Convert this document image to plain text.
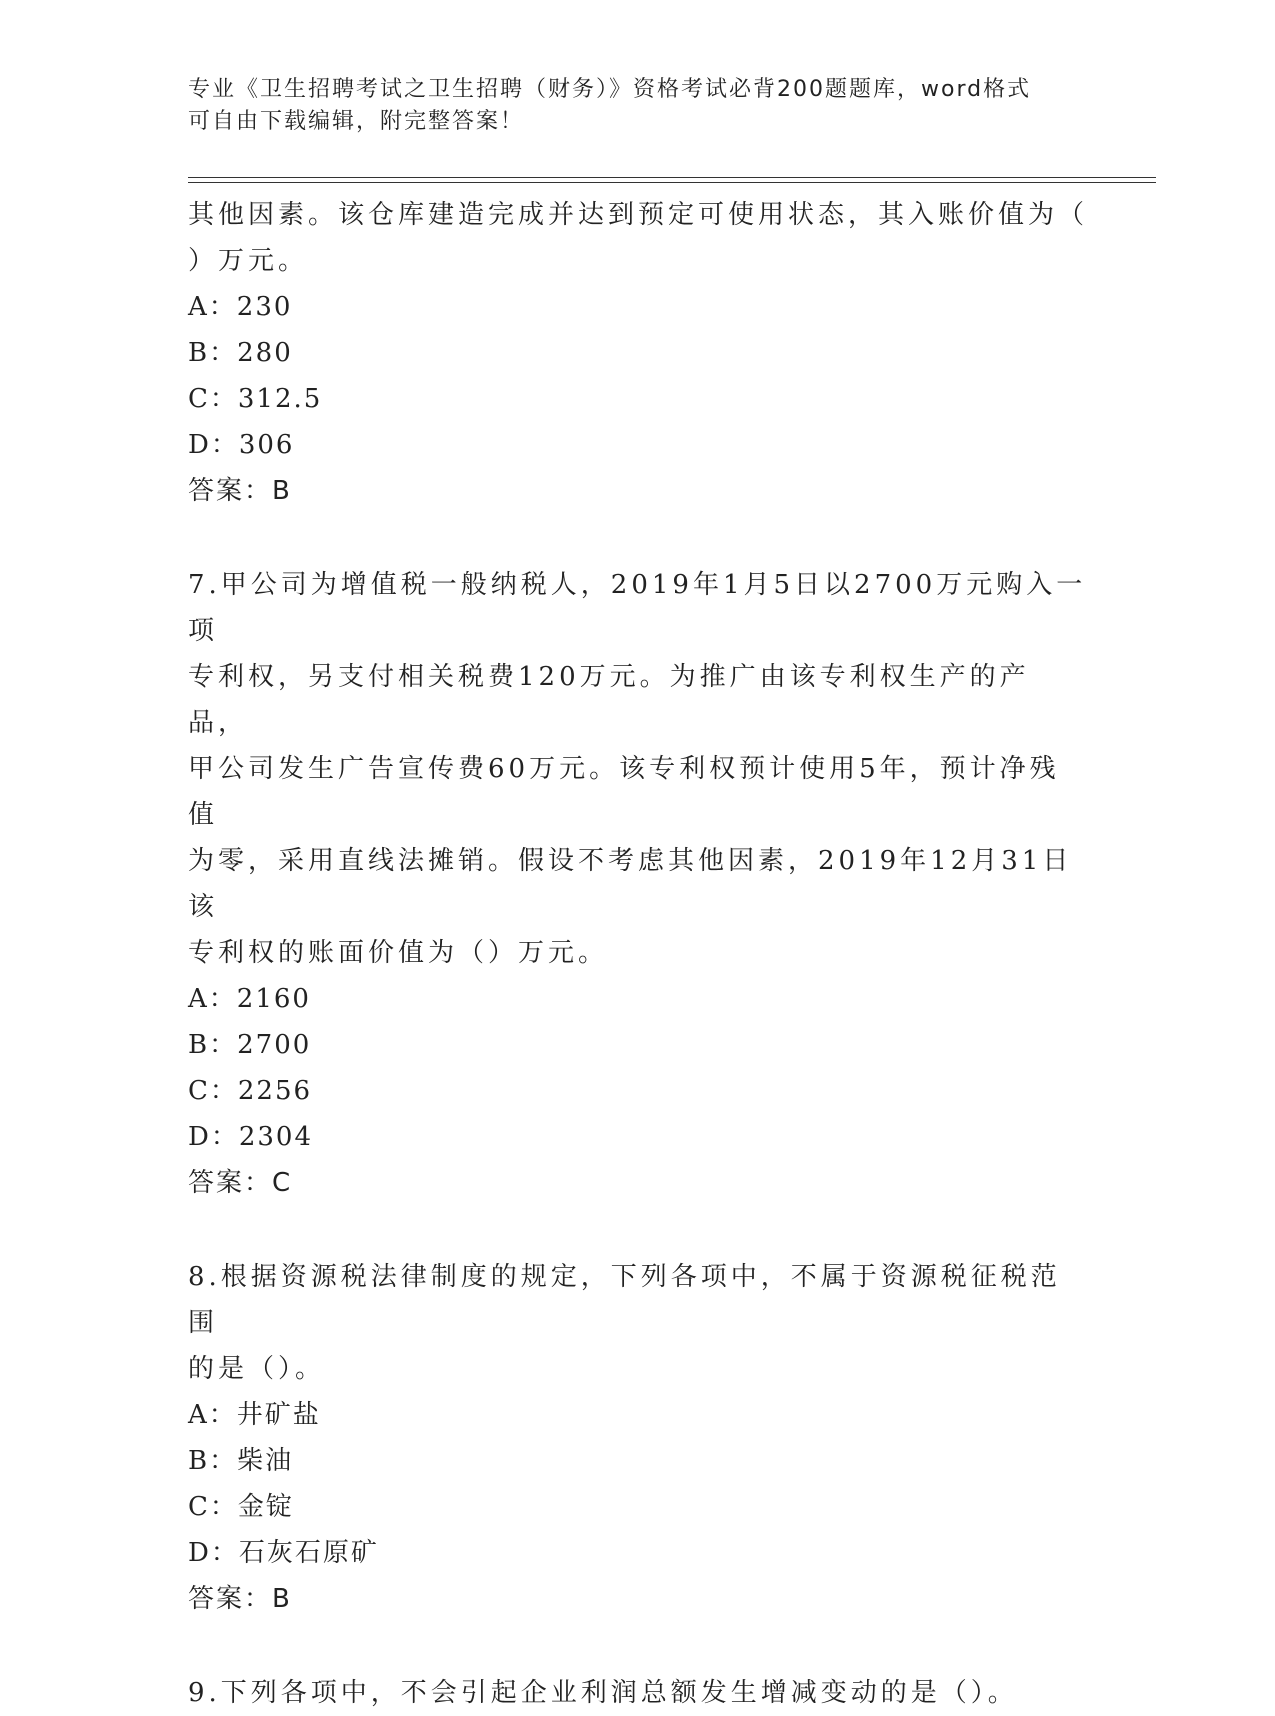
专业《卫生招聘考试之卫生招聘（财务）》资格考试必背200题题库，word格式
可自由下载编辑，附完整答案！

其他因素。该仓库建造完成并达到预定可使用状态，其入账价值为（

）万元。

A：230

B：280

C：312.5

D：306

答案：B

7.甲公司为增值税一般纳税人，2019年1月5日以2700万元购入一项

专利权，另支付相关税费120万元。为推广由该专利权生产的产品，

甲公司发生广告宣传费60万元。该专利权预计使用5年，预计净残值

为零，采用直线法摊销。假设不考虑其他因素，2019年12月31日该

专利权的账面价值为（）万元。

A：2160

B：2700

C：2256

D：2304

答案：C

8.根据资源税法律制度的规定，下列各项中，不属于资源税征税范围

的是（）。

A：井矿盐

B：柴油

C：金锭

D：石灰石原矿

答案：B

9.下列各项中，不会引起企业利润总额发生增减变动的是（）。
